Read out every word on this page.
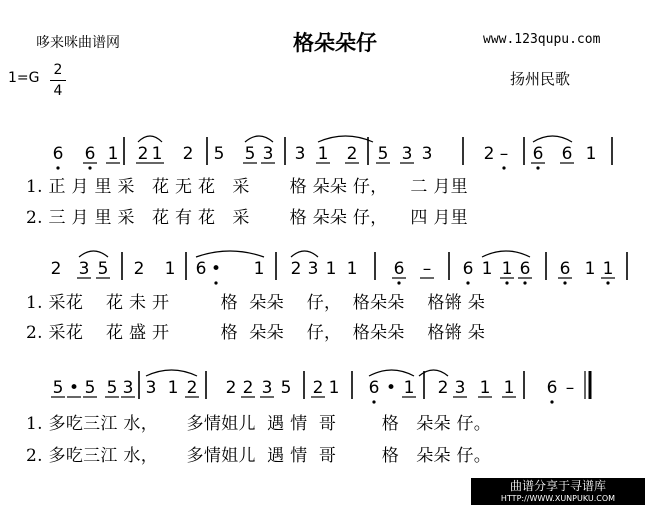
哆来咪曲谱网	格朵朵仔	www.123qupu.com
1=G 2
4
扬州民歌
6 6 1 2 1 2 5 5 3 3 1 2 5 3 3	2 – 6 6 1
2 3 5 2 1 6 • 1 2 3 1 1 6 – 6 1 1 6 6 1 1
5 • 5 5 3 3 1 2 2 2 3 5 2 1 6 • 1 2 3 1 1 6 –
1. 正 月 里 采   花 无 花   采       格 朵朵 仔，    二 月里
2. 三 月 里 采   花 有 花   采       格 朵朵 仔，    四 月里
1. 采花    花 未 开         格  朵朵    仔，  格朵朵    格锵 朵
2. 采花    花 盛 开         格  朵朵    仔，  格朵朵    格锵 朵
1. 多吃三江 水，     多情姐儿  遇 情  哥        格   朵朵 仔。
2. 多吃三江 水，     多情姐儿  遇 情  哥        格   朵朵 仔。
曲谱分享于寻谱库
HTTP://WWW.XUNPUKU.COM
